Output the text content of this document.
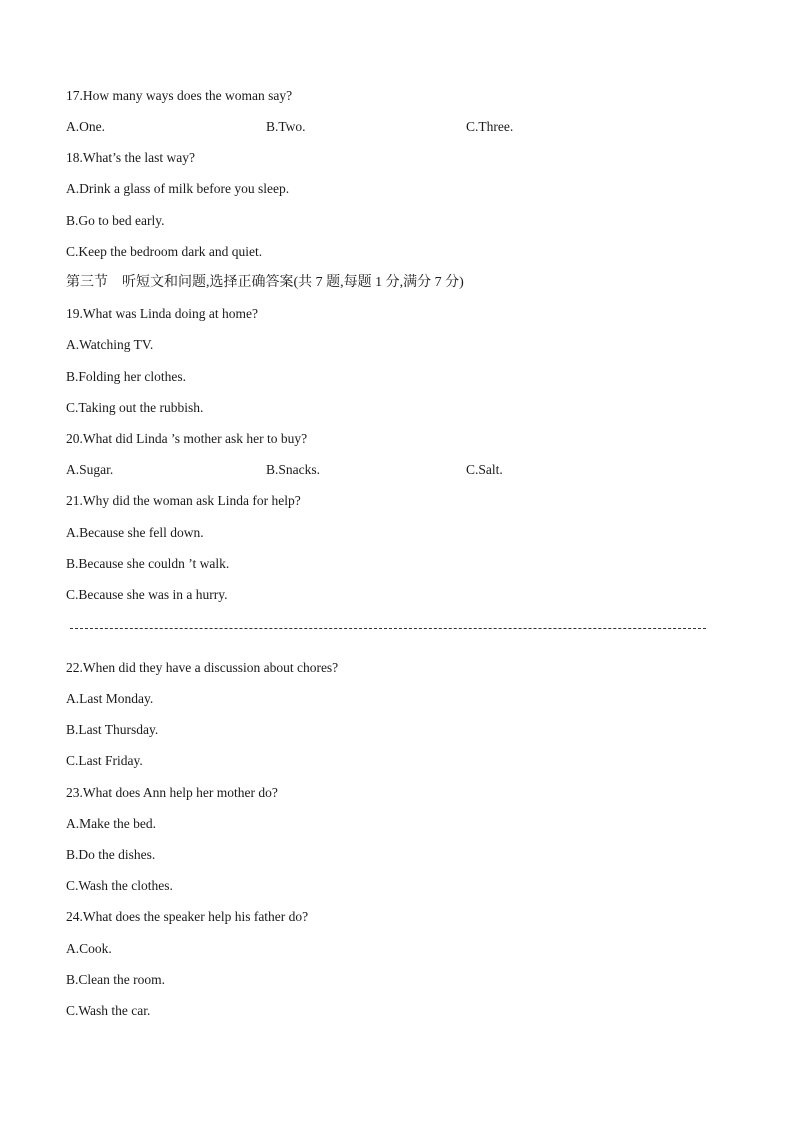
17.How many ways does the woman say?
A.One.	B.Two.	C.Three.
18.What’s the last way?
A.Drink a glass of milk before you sleep.
B.Go to bed early.
C.Keep the bedroom dark and quiet.
第三节　听短文和问题,选择正确答案(共 7 题,每题 1 分,满分 7 分)
19.What was Linda doing at home?
A.Watching TV.
B.Folding her clothes.
C.Taking out the rubbish.
20.What did Linda ’s mother ask her to buy?
A.Sugar.	B.Snacks.	C.Salt.
21.Why did the woman ask Linda for help?
A.Because she fell down.
B.Because she couldn ’t walk.
C.Because she was in a hurry.
22.When did they have a discussion about chores?
A.Last Monday.
B.Last Thursday.
C.Last Friday.
23.What does Ann help her mother do?
A.Make the bed.
B.Do the dishes.
C.Wash the clothes.
24.What does the speaker help his father do?
A.Cook.
B.Clean the room.
C.Wash the car.
